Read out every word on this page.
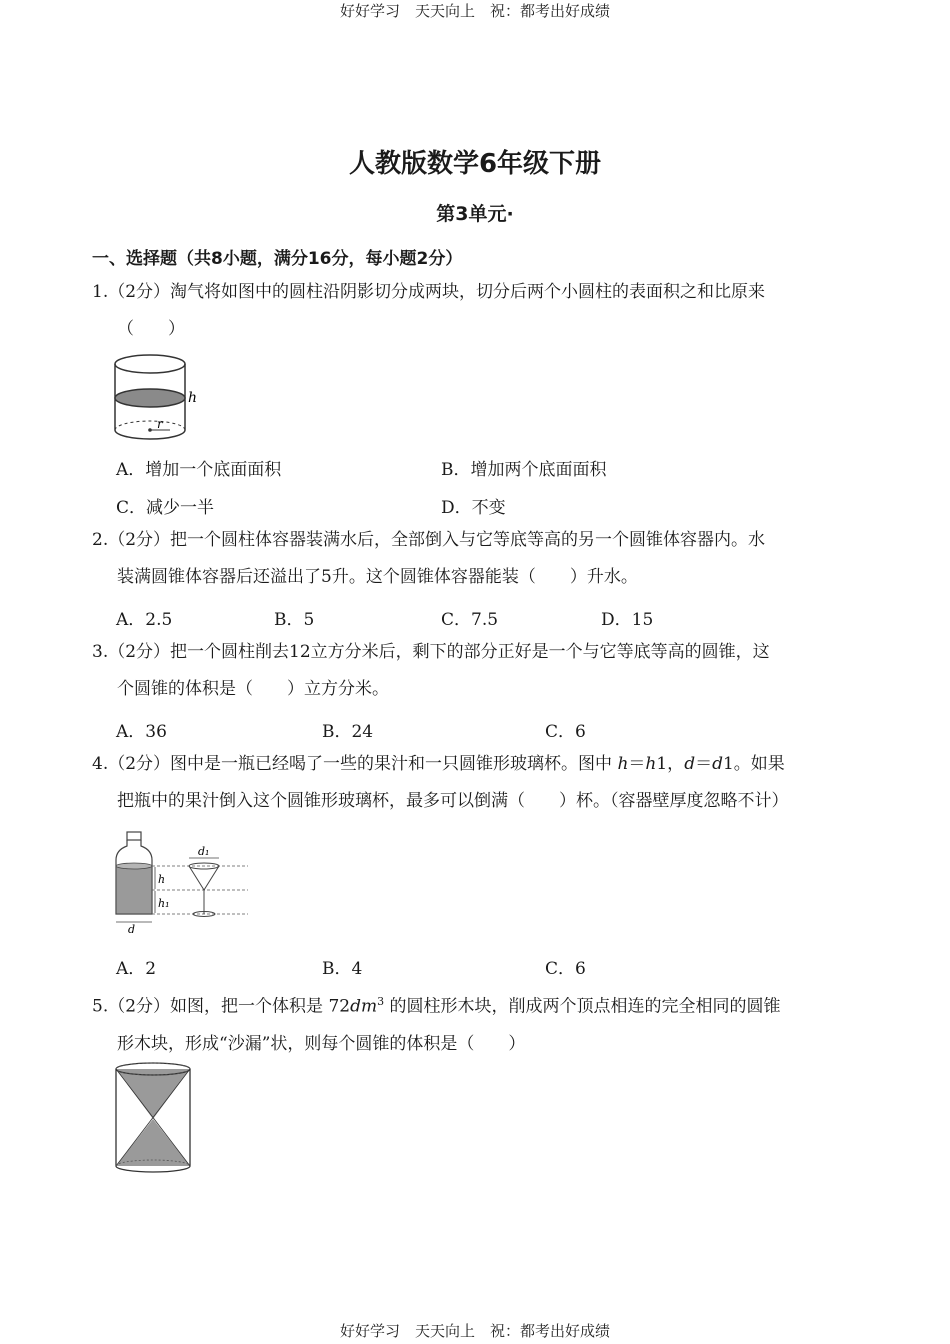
好好学习　天天向上　祝：都考出好成绩
人教版数学6年级下册
第3单元·
一、选择题（共8小题，满分16分，每小题2分）
1.（2分）淘气将如图中的圆柱沿阴影切分成两块，切分后两个小圆柱的表面积之和比原来
（　　）
h
r
A．增加一个底面面积	B．增加两个底面面积
C．减少一半	D．不变
2.（2分）把一个圆柱体容器装满水后，全部倒入与它等底等高的另一个圆锥体容器内。水
装满圆锥体容器后还溢出了5升。这个圆锥体容器能装（　　）升水。
A．2.5	B．5	C．7.5	D．15
3.（2分）把一个圆柱削去12立方分米后，剩下的部分正好是一个与它等底等高的圆锥，这
个圆锥的体积是（　　）立方分米。
A．36	B．24	C．6
4.（2分）图中是一瓶已经喝了一些的果汁和一只圆锥形玻璃杯。图中 h＝h1，d＝d1。如果
把瓶中的果汁倒入这个圆锥形玻璃杯，最多可以倒满（　　）杯。（容器壁厚度忽略不计）
d
h
h₁
d₁
A．2	B．4	C．6
5.（2分）如图，把一个体积是 $72dm^3$ 的圆柱形木块，削成两个顶点相连的完全相同的圆锥
形木块，形成“沙漏”状，则每个圆锥的体积是（　　）
好好学习　天天向上　祝：都考出好成绩
